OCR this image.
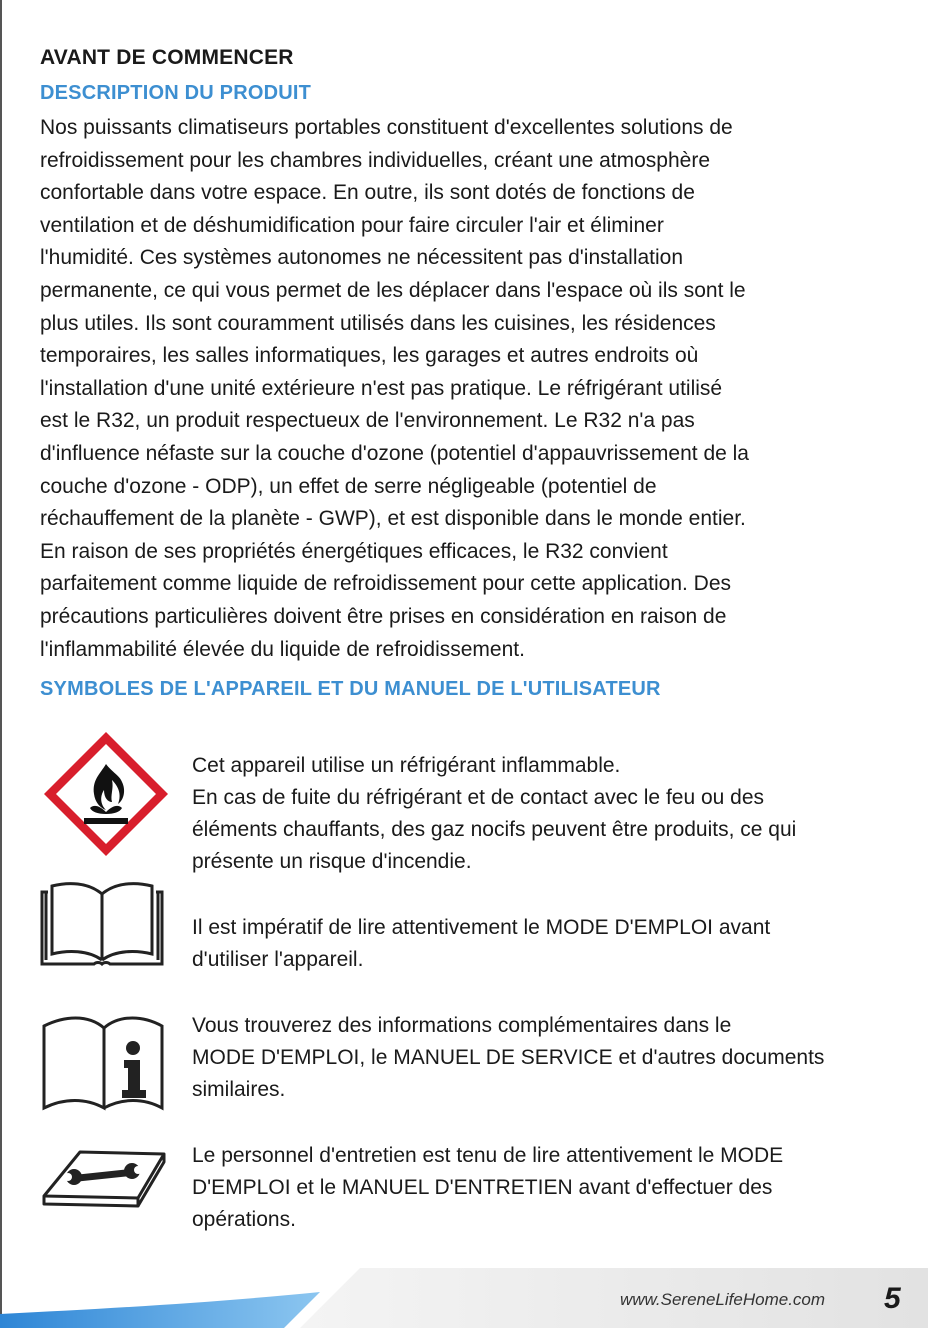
AVANT DE COMMENCER
DESCRIPTION DU PRODUIT

Nos puissants climatiseurs portables constituent d'excellentes solutions de
refroidissement pour les chambres individuelles, créant une atmosphère
confortable dans votre espace. En outre, ils sont dotés de fonctions de
ventilation et de déshumidification pour faire circuler l'air et éliminer
l'humidité. Ces systèmes autonomes ne nécessitent pas d'installation
permanente, ce qui vous permet de les déplacer dans l'espace où ils sont le
plus utiles. Ils sont couramment utilisés dans les cuisines, les résidences
temporaires, les salles informatiques, les garages et autres endroits où
l'installation d'une unité extérieure n'est pas pratique. Le réfrigérant utilisé
est le R32, un produit respectueux de l'environnement. Le R32 n'a pas
d'influence néfaste sur la couche d'ozone (potentiel d'appauvrissement de la
couche d'ozone - ODP), un effet de serre négligeable (potentiel de
réchauffement de la planète - GWP), et est disponible dans le monde entier.
En raison de ses propriétés énergétiques efficaces, le R32 convient
parfaitement comme liquide de refroidissement pour cette application. Des
précautions particulières doivent être prises en considération en raison de
l'inflammabilité élevée du liquide de refroidissement.

SYMBOLES DE L'APPAREIL ET DU MANUEL DE L'UTILISATEUR

Cet appareil utilise un réfrigérant inflammable.
En cas de fuite du réfrigérant et de contact avec le feu ou des
éléments chauffants, des gaz nocifs peuvent être produits, ce qui
présente un risque d'incendie.

Il est impératif de lire attentivement le MODE D'EMPLOI avant
d'utiliser l'appareil.

Vous trouverez des informations complémentaires dans le
MODE D'EMPLOI, le MANUEL DE SERVICE et d'autres documents
similaires.

Le personnel d'entretien est tenu de lire attentivement le MODE
D'EMPLOI et le MANUEL D'ENTRETIEN avant d'effectuer des
opérations.

www.SereneLifeHome.com 5
